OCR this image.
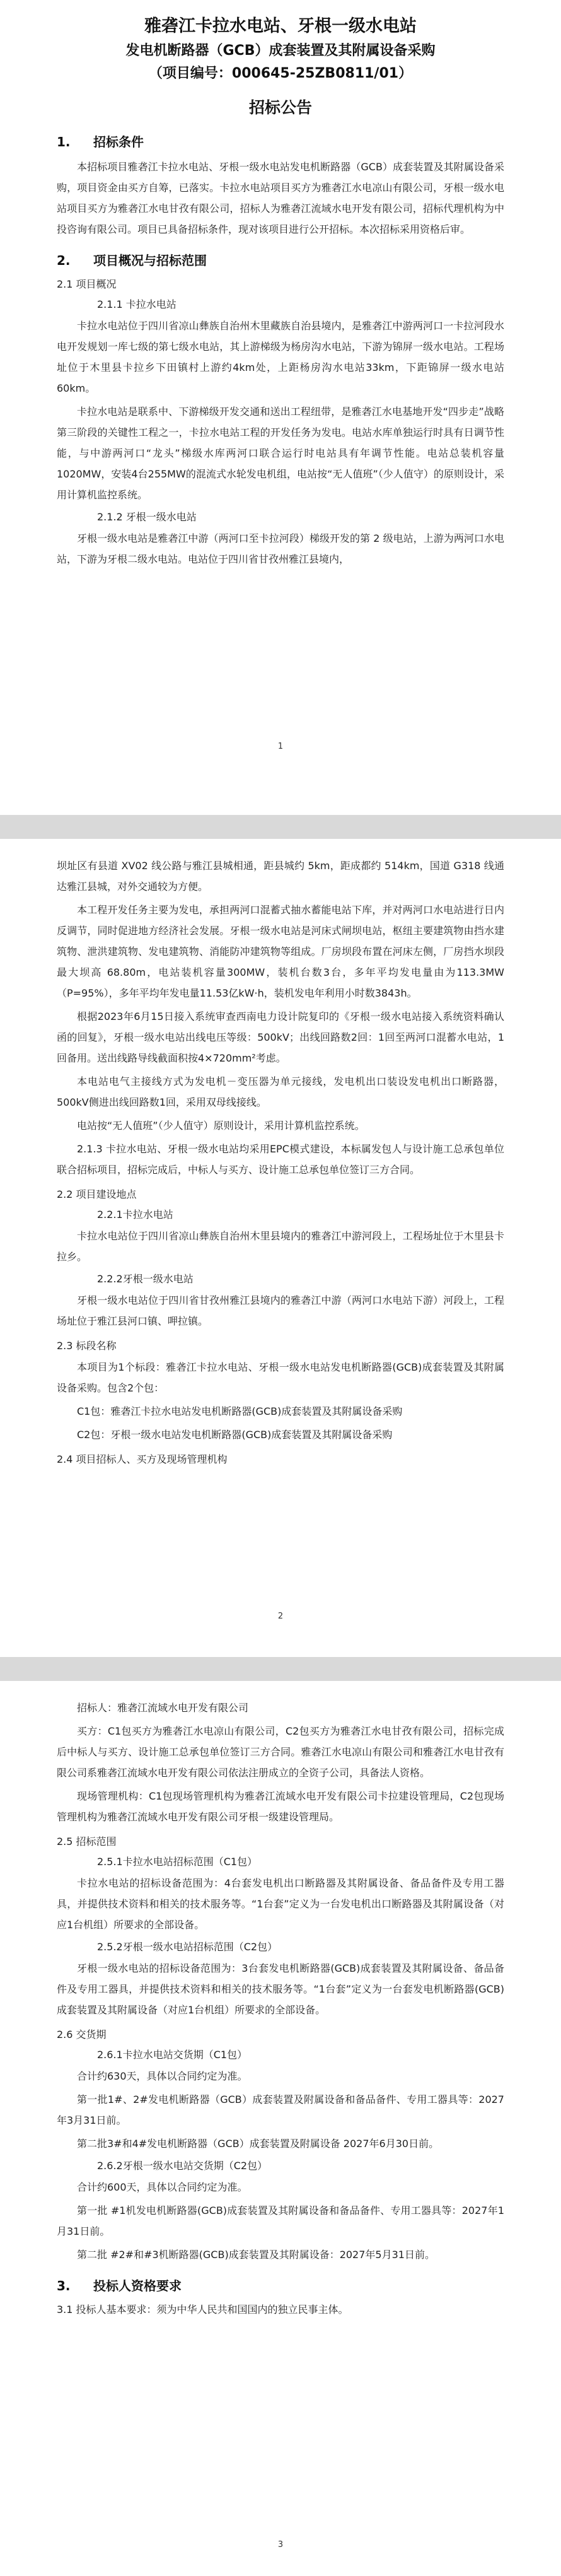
雅砻江卡拉水电站、牙根一级水电站
发电机断路器（GCB）成套装置及其附属设备采购
（项目编号：000645-25ZB0811/01）
招标公告
1. 招标条件
本招标项目雅砻江卡拉水电站、牙根一级水电站发电机断路器（GCB）成套装置及其附属设备采购，项目资金由买方自筹，已落实。卡拉水电站项目买方为雅砻江水电凉山有限公司，牙根一级水电站项目买方为雅砻江水电甘孜有限公司，招标人为雅砻江流域水电开发有限公司，招标代理机构为中投咨询有限公司。项目已具备招标条件，现对该项目进行公开招标。本次招标采用资格后审。
2. 项目概况与招标范围
2.1 项目概况
2.1.1 卡拉水电站
卡拉水电站位于四川省凉山彝族自治州木里藏族自治县境内，是雅砻江中游两河口一卡拉河段水电开发规划一库七级的第七级水电站，其上游梯级为杨房沟水电站，下游为锦屏一级水电站。工程场址位于木里县卡拉乡下田镇村上游约4km处，上距杨房沟水电站33km，下距锦屏一级水电站60km。
卡拉水电站是联系中、下游梯级开发交通和送出工程纽带，是雅砻江水电基地开发“四步走”战略第三阶段的关键性工程之一，卡拉水电站工程的开发任务为发电。电站水库单独运行时具有日调节性能，与中游两河口“龙头”梯级水库两河口联合运行时电站具有年调节性能。电站总装机容量1020MW，安装4台255MW的混流式水轮发电机组，电站按“无人值班”（少人值守）的原则设计，采用计算机监控系统。
2.1.2 牙根一级水电站
牙根一级水电站是雅砻江中游（两河口至卡拉河段）梯级开发的第 2 级电站，上游为两河口水电站，下游为牙根二级水电站。电站位于四川省甘孜州雅江县境内，
1
坝址区有县道 XV02 线公路与雅江县城相通，距县城约 5km，距成都约 514km，国道 G318 线通达雅江县城，对外交通较为方便。
本工程开发任务主要为发电，承担两河口混蓄式抽水蓄能电站下库，并对两河口水电站进行日内反调节，同时促进地方经济社会发展。牙根一级水电站是河床式闸坝电站，枢纽主要建筑物由挡水建筑物、泄洪建筑物、发电建筑物、消能防冲建筑物等组成。厂房坝段布置在河床左侧，厂房挡水坝段最大坝高 68.80m，电站装机容量300MW，装机台数3台，多年平均发电量由为113.3MW（P=95%），多年平均年发电量11.53亿kW·h，装机发电年利用小时数3843h。
根据2023年6月15日接入系统审查西南电力设计院复印的《牙根一级水电站接入系统资料确认函的回复》，牙根一级水电站出线电压等级：500kV；出线回路数2回：1回至两河口混蓄水电站，1回备用。送出线路导线截面积按4×720mm²考虑。
本电站电气主接线方式为发电机－变压器为单元接线，发电机出口装设发电机出口断路器，500kV侧进出线回路数1回，采用双母线接线。
电站按“无人值班”（少人值守）原则设计，采用计算机监控系统。
2.1.3 卡拉水电站、牙根一级水电站均采用EPC模式建设，本标属发包人与设计施工总承包单位联合招标项目，招标完成后，中标人与买方、设计施工总承包单位签订三方合同。
2.2 项目建设地点
2.2.1卡拉水电站
卡拉水电站位于四川省凉山彝族自治州木里县境内的雅砻江中游河段上，工程场址位于木里县卡拉乡。
2.2.2牙根一级水电站
牙根一级水电站位于四川省甘孜州雅江县境内的雅砻江中游（两河口水电站下游）河段上，工程场址位于雅江县河口镇、呷拉镇。
2.3 标段名称
本项目为1个标段：雅砻江卡拉水电站、牙根一级水电站发电机断路器(GCB)成套装置及其附属设备采购。包含2个包：
C1包：雅砻江卡拉水电站发电机断路器(GCB)成套装置及其附属设备采购
C2包：牙根一级水电站发电机断路器(GCB)成套装置及其附属设备采购
2.4 项目招标人、买方及现场管理机构
2
招标人：雅砻江流域水电开发有限公司
买方：C1包买方为雅砻江水电凉山有限公司，C2包买方为雅砻江水电甘孜有限公司，招标完成后中标人与买方、设计施工总承包单位签订三方合同。雅砻江水电凉山有限公司和雅砻江水电甘孜有限公司系雅砻江流域水电开发有限公司依法注册成立的全资子公司，具备法人资格。
现场管理机构：C1包现场管理机构为雅砻江流域水电开发有限公司卡拉建设管理局，C2包现场管理机构为雅砻江流域水电开发有限公司牙根一级建设管理局。
2.5 招标范围
2.5.1卡拉水电站招标范围（C1包）
卡拉水电站的招标设备范围为：4台套发电机出口断路器及其附属设备、备品备件及专用工器具，并提供技术资料和相关的技术服务等。“1台套”定义为一台发电机出口断路器及其附属设备（对应1台机组）所要求的全部设备。
2.5.2牙根一级水电站招标范围（C2包）
牙根一级水电站的招标设备范围为：3台套发电机断路器(GCB)成套装置及其附属设备、备品备件及专用工器具，并提供技术资料和相关的技术服务等。“1台套”定义为一台套发电机断路器(GCB)成套装置及其附属设备（对应1台机组）所要求的全部设备。
2.6 交货期
2.6.1卡拉水电站交货期（C1包）
合计约630天，具体以合同约定为准。
第一批1#、2#发电机断路器（GCB）成套装置及附属设备和备品备件、专用工器具等：2027年3月31日前。
第二批3#和4#发电机断路器（GCB）成套装置及附属设备 2027年6月30日前。
2.6.2牙根一级水电站交货期（C2包）
合计约600天，具体以合同约定为准。
第一批 #1机发电机断路器(GCB)成套装置及其附属设备和备品备件、专用工器具等：2027年1月31日前。
第二批 #2#和#3机断路器(GCB)成套装置及其附属设备：2027年5月31日前。
3. 投标人资格要求
3.1 投标人基本要求：须为中华人民共和国国内的独立民事主体。
3
